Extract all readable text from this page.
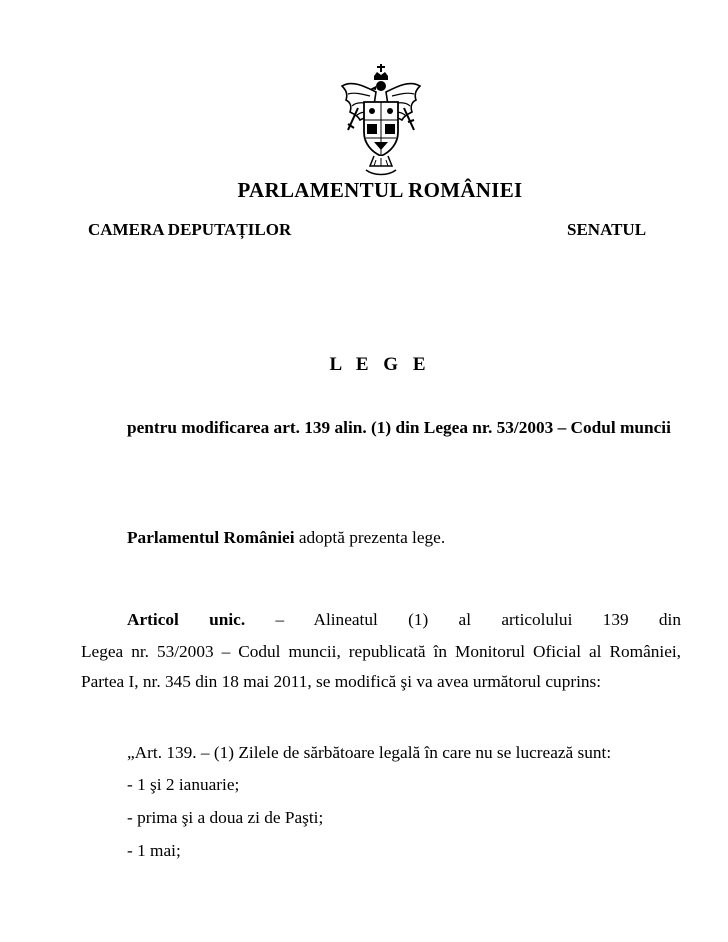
PARLAMENTUL ROMÂNIEI
CAMERA DEPUTAȚILOR	SENATUL
L E G E
pentru modificarea art. 139 alin. (1) din Legea nr. 53/2003 – Codul muncii
Parlamentul României adoptă prezenta lege.
Articol unic. – Alineatul (1) al articolului 139 din
Legea nr. 53/2003 – Codul muncii, republicată în Monitorul Oficial al României, Partea I, nr. 345 din 18 mai 2011, se modifică şi va avea următorul cuprins:
„Art. 139. – (1) Zilele de sărbătoare legală în care nu se lucrează sunt:
- 1 şi 2 ianuarie;
- prima şi a doua zi de Paşti;
- 1 mai;
